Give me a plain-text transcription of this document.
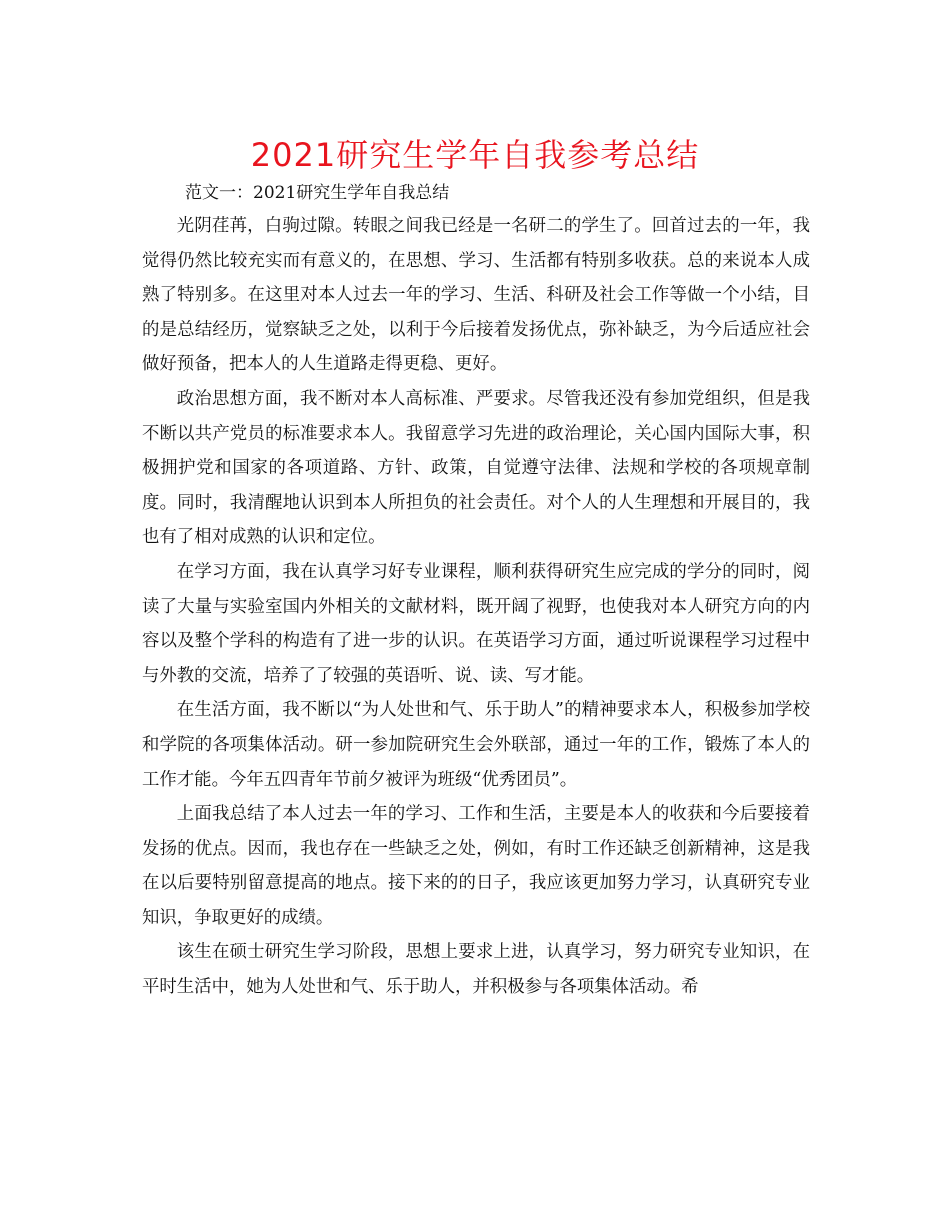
2021研究生学年自我参考总结
范文一：2021研究生学年自我总结

光阴荏苒，白驹过隙。转眼之间我已经是一名研二的学生了。回首过去的一年，我觉得仍然比较充实而有意义的，在思想、学习、生活都有特别多收获。总的来说本人成熟了特别多。在这里对本人过去一年的学习、生活、科研及社会工作等做一个小结，目的是总结经历，觉察缺乏之处，以利于今后接着发扬优点，弥补缺乏，为今后适应社会做好预备，把本人的人生道路走得更稳、更好。

政治思想方面，我不断对本人高标准、严要求。尽管我还没有参加党组织，但是我不断以共产党员的标准要求本人。我留意学习先进的政治理论，关心国内国际大事，积极拥护党和国家的各项道路、方针、政策，自觉遵守法律、法规和学校的各项规章制度。同时，我清醒地认识到本人所担负的社会责任。对个人的人生理想和开展目的，我也有了相对成熟的认识和定位。

在学习方面，我在认真学习好专业课程，顺利获得研究生应完成的学分的同时，阅读了大量与实验室国内外相关的文献材料，既开阔了视野，也使我对本人研究方向的内容以及整个学科的构造有了进一步的认识。在英语学习方面，通过听说课程学习过程中与外教的交流，培养了了较强的英语听、说、读、写才能。

在生活方面，我不断以“为人处世和气、乐于助人”的精神要求本人，积极参加学校和学院的各项集体活动。研一参加院研究生会外联部，通过一年的工作，锻炼了本人的工作才能。今年五四青年节前夕被评为班级“优秀团员”。

上面我总结了本人过去一年的学习、工作和生活，主要是本人的收获和今后要接着发扬的优点。因而，我也存在一些缺乏之处，例如，有时工作还缺乏创新精神，这是我在以后要特别留意提高的地点。接下来的的日子，我应该更加努力学习，认真研究专业知识，争取更好的成绩。

该生在硕士研究生学习阶段，思想上要求上进，认真学习，努力研究专业知识，在平时生活中，她为人处世和气、乐于助人，并积极参与各项集体活动。希
